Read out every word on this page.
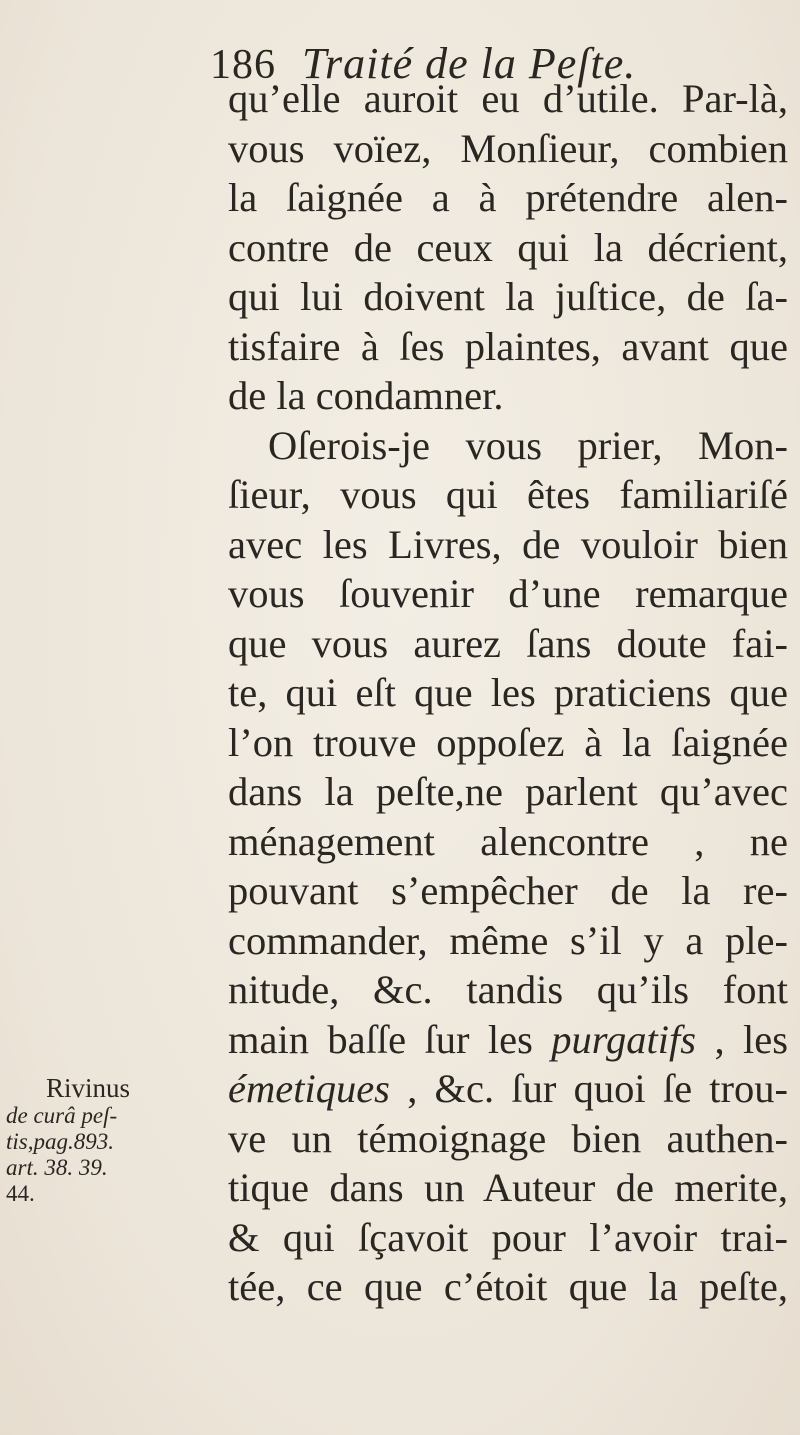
186 Traité de la Peſte.
qu’elle auroit eu d’utile. Par-là,
vous voïez, Monſieur, combien
la ſaignée a à prétendre alen-
contre de ceux qui la décrient,
qui lui doivent la juſtice, de ſa-
tisfaire à ſes plaintes, avant que
de la condamner.
Oſerois-je vous prier, Mon-
ſieur, vous qui êtes familiariſé
avec les Livres, de vouloir bien
vous ſouvenir d’une remarque
que vous aurez ſans doute fai-
te, qui eſt que les praticiens que
l’on trouve oppoſez à la ſaignée
dans la peſte,ne parlent qu’avec
ménagement alencontre , ne
pouvant s’empêcher de la re-
commander, même s’il y a ple-
nitude, &c. tandis qu’ils font
main baſſe ſur les purgatifs , les
émetiques , &c. ſur quoi ſe trou-
ve un témoignage bien authen-
tique dans un Auteur de merite,
& qui ſçavoit pour l’avoir trai-
tée, ce que c’étoit que la peſte,
Rivinus
de curâ peſ-
tis,pag.893.
art. 38. 39.
44.
